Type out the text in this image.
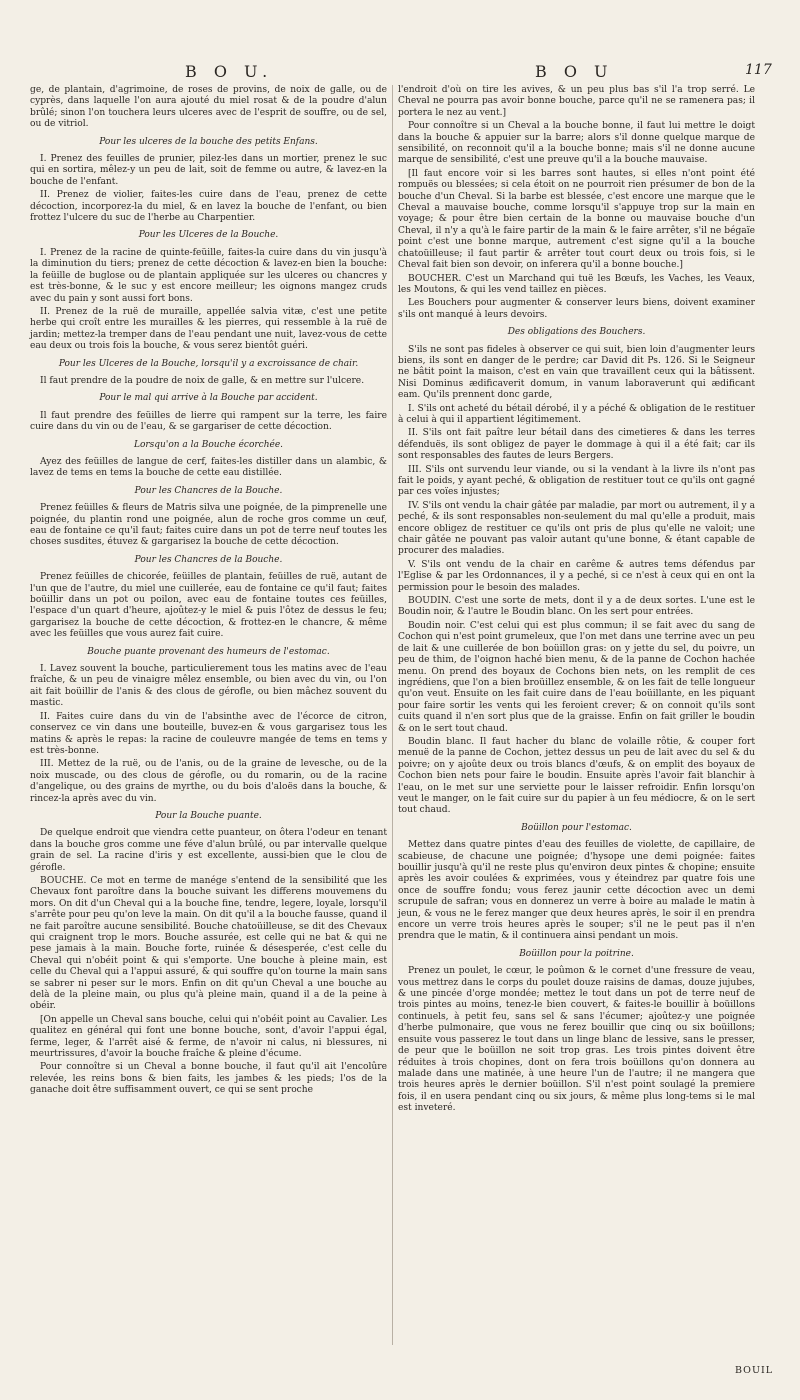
B O U.	B O U	117

ge, de plantain, d'agrimoine, de roses de provins, de noix de galle, ou de cyprès, dans laquelle l'on aura ajouté du miel rosat & de la poudre d'alun brûlé; sinon l'on touchera leurs ulceres avec de l'esprit de souffre, ou de sel, ou de vitriol.

Pour les ulceres de la bouche des petits Enfans.

I. Prenez des feuilles de prunier, pilez-les dans un mortier, prenez le suc qui en sortira, mêlez-y un peu de lait, soit de femme ou autre, & lavez-en la bouche de l'enfant.

II. Prenez de violier, faites-les cuire dans de l'eau, prenez de cette décoction, incorporez-la du miel, & en lavez la bouche de l'enfant, ou bien frottez l'ulcere du suc de l'herbe au Charpentier.

Pour les Ulceres de la Bouche.

I. Prenez de la racine de quinte-feüille, faites-la cuire dans du vin jusqu'à la diminution du tiers; prenez de cette décoction & lavez-en bien la bouche: la feüille de buglose ou de plantain appliquée sur les ulceres ou chancres y est très-bonne, & le suc y est encore meilleur; les oignons mangez cruds avec du pain y sont aussi fort bons.

II. Prenez de la ruë de muraille, appellée salvia vitæ, c'est une petite herbe qui croît entre les murailles & les pierres, qui ressemble à la ruë de jardin; mettez-la tremper dans de l'eau pendant une nuit, lavez-vous de cette eau deux ou trois fois la bouche, & vous serez bientôt guéri.

Pour les Ulceres de la Bouche, lorsqu'il y a excroissance de chair.

Il faut prendre de la poudre de noix de galle, & en mettre sur l'ulcere.

Pour le mal qui arrive à la Bouche par accident.

Il faut prendre des feüilles de lierre qui rampent sur la terre, les faire cuire dans du vin ou de l'eau, & se gargariser de cette décoction.

Lorsqu'on a la Bouche écorchée.

Ayez des feüilles de langue de cerf, faites-les distiller dans un alambic, & lavez de tems en tems la bouche de cette eau distillée.

Pour les Chancres de la Bouche.

Prenez feüilles & fleurs de Matris silva une poignée, de la pimprenelle une poignée, du plantin rond une poignée, alun de roche gros comme un œuf, eau de fontaine ce qu'il faut; faites cuire dans un pot de terre neuf toutes les choses susdites, étuvez & gargarisez la bouche de cette décoction.

Pour les Chancres de la Bouche.

Prenez feüilles de chicorée, feüilles de plantain, feüilles de ruë, autant de l'un que de l'autre, du miel une cuillerée, eau de fontaine ce qu'il faut; faites boüillir dans un pot ou poilon, avec eau de fontaine toutes ces feüilles, l'espace d'un quart d'heure, ajoûtez-y le miel & puis l'ôtez de dessus le feu; gargarisez la bouche de cette décoction, & frottez-en le chancre, & même avec les feüilles que vous aurez fait cuire.

Bouche puante provenant des humeurs de l'estomac.

I. Lavez souvent la bouche, particulierement tous les matins avec de l'eau fraîche, & un peu de vinaigre mêlez ensemble, ou bien avec du vin, ou l'on ait fait boüillir de l'anis & des clous de gérofle, ou bien mâchez souvent du mastic.

II. Faites cuire dans du vin de l'absinthe avec de l'écorce de citron, conservez ce vin dans une bouteille, buvez-en & vous gargarisez tous les matins & après le repas: la racine de couleuvre mangée de tems en tems y est très-bonne.

III. Mettez de la ruë, ou de l'anis, ou de la graine de levesche, ou de la noix muscade, ou des clous de gérofle, ou du romarin, ou de la racine d'angelique, ou des grains de myrthe, ou du bois d'aloës dans la bouche, & rincez-la après avec du vin.

Pour la Bouche puante.

De quelque endroit que viendra cette puanteur, on ôtera l'odeur en tenant dans la bouche gros comme une féve d'alun brûlé, ou par intervalle quelque grain de sel. La racine d'iris y est excellente, aussi-bien que le clou de gérofle.

BOUCHE. Ce mot en terme de manége s'entend de la sensibilité que les Chevaux font paroître dans la bouche suivant les differens mouvemens du mors. On dit d'un Cheval qui a la bouche fine, tendre, legere, loyale, lorsqu'il s'arrête pour peu qu'on leve la main. On dit qu'il a la bouche fausse, quand il ne fait paroître aucune sensibilité. Bouche chatoüilleuse, se dit des Chevaux qui craignent trop le mors. Bouche assurée, est celle qui ne bat & qui ne pese jamais à la main. Bouche forte, ruinée & désesperée, c'est celle du Cheval qui n'obéit point & qui s'emporte. Une bouche à pleine main, est celle du Cheval qui a l'appui assuré, & qui souffre qu'on tourne la main sans se sabrer ni peser sur le mors. Enfin on dit qu'un Cheval a une bouche au delà de la pleine main, ou plus qu'à pleine main, quand il a de la peine à obéir.

[On appelle un Cheval sans bouche, celui qui n'obéit point au Cavalier. Les qualitez en général qui font une bonne bouche, sont, d'avoir l'appui égal, ferme, leger, & l'arrêt aisé & ferme, de n'avoir ni calus, ni blessures, ni meurtrissures, d'avoir la bouche fraîche & pleine d'écume.

Pour connoître si un Cheval a bonne bouche, il faut qu'il ait l'encolûre relevée, les reins bons & bien faits, les jambes & les pieds; l'os de la ganache doit être suffisamment ouvert, ce qui se sent proche

l'endroit d'où on tire les avives, & un peu plus bas s'il l'a trop serré. Le Cheval ne pourra pas avoir bonne bouche, parce qu'il ne se ramenera pas; il portera le nez au vent.]

Pour connoître si un Cheval a la bouche bonne, il faut lui mettre le doigt dans la bouche & appuier sur la barre; alors s'il donne quelque marque de sensibilité, on reconnoit qu'il a la bouche bonne; mais s'il ne donne aucune marque de sensibilité, c'est une preuve qu'il a la bouche mauvaise.

[Il faut encore voir si les barres sont hautes, si elles n'ont point été rompuës ou blessées; si cela étoit on ne pourroit rien présumer de bon de la bouche d'un Cheval. Si la barbe est blessée, c'est encore une marque que le Cheval a mauvaise bouche, comme lorsqu'il s'appuye trop sur la main en voyage; & pour être bien certain de la bonne ou mauvaise bouche d'un Cheval, il n'y a qu'à le faire partir de la main & le faire arrêter, s'il ne bégaïe point c'est une bonne marque, autrement c'est signe qu'il a la bouche chatoüilleuse; il faut partir & arrêter tout court deux ou trois fois, si le Cheval fait bien son devoir, on inferera qu'il a bonne bouche.]

BOUCHER. C'est un Marchand qui tuë les Bœufs, les Vaches, les Veaux, les Moutons, & qui les vend taillez en pièces.

Les Bouchers pour augmenter & conserver leurs biens, doivent examiner s'ils ont manqué à leurs devoirs.

Des obligations des Bouchers.

S'ils ne sont pas fideles à observer ce qui suit, bien loin d'augmenter leurs biens, ils sont en danger de le perdre; car David dit Ps. 126. Si le Seigneur ne bâtit point la maison, c'est en vain que travaillent ceux qui la bâtissent. Nisi Dominus ædificaverit domum, in vanum laboraverunt qui ædificant eam. Qu'ils prennent donc garde,

I. S'ils ont acheté du bétail dérobé, il y a péché & obligation de le restituer à celui à qui il appartient légitimement.

II. S'ils ont fait paître leur bétail dans des cimetieres & dans les terres défenduës, ils sont obligez de payer le dommage à qui il a été fait; car ils sont responsables des fautes de leurs Bergers.

III. S'ils ont survendu leur viande, ou si la vendant à la livre ils n'ont pas fait le poids, y ayant peché, & obligation de restituer tout ce qu'ils ont gagné par ces voïes injustes;

IV. S'ils ont vendu la chair gâtée par maladie, par mort ou autrement, il y a peché, & ils sont responsables non-seulement du mal qu'elle a produit, mais encore obligez de restituer ce qu'ils ont pris de plus qu'elle ne valoit; une chair gâtée ne pouvant pas valoir autant qu'une bonne, & étant capable de procurer des maladies.

V. S'ils ont vendu de la chair en carême & autres tems défendus par l'Eglise & par les Ordonnances, il y a peché, si ce n'est à ceux qui en ont la permission pour le besoin des malades.

BOUDIN. C'est une sorte de mets, dont il y a de deux sortes. L'une est le Boudin noir, & l'autre le Boudin blanc. On les sert pour entrées.

Boudin noir. C'est celui qui est plus commun; il se fait avec du sang de Cochon qui n'est point grumeleux, que l'on met dans une terrine avec un peu de lait & une cuillerée de bon boüillon gras: on y jette du sel, du poivre, un peu de thim, de l'oignon haché bien menu, & de la panne de Cochon hachée menu. On prend des boyaux de Cochons bien nets, on les remplit de ces ingrédiens, que l'on a bien broüillez ensemble, & on les fait de telle longueur qu'on veut. Ensuite on les fait cuire dans de l'eau boüillante, en les piquant pour faire sortir les vents qui les feroient crever; & on connoit qu'ils sont cuits quand il n'en sort plus que de la graisse. Enfin on fait griller le boudin & on le sert tout chaud.

Boudin blanc. Il faut hacher du blanc de volaille rôtie, & couper fort menuë de la panne de Cochon, jettez dessus un peu de lait avec du sel & du poivre; on y ajoûte deux ou trois blancs d'œufs, & on emplit des boyaux de Cochon bien nets pour faire le boudin. Ensuite après l'avoir fait blanchir à l'eau, on le met sur une serviette pour le laisser refroidir. Enfin lorsqu'on veut le manger, on le fait cuire sur du papier à un feu médiocre, & on le sert tout chaud.

Boüillon pour l'estomac.

Mettez dans quatre pintes d'eau des feuilles de violette, de capillaire, de scabieuse, de chacune une poignée; d'hysope une demi poignée: faites bouillir jusqu'à qu'il ne reste plus qu'environ deux pintes & chopine; ensuite après les avoir coulées & exprimées, vous y éteindrez par quatre fois une once de souffre fondu; vous ferez jaunir cette décoction avec un demi scrupule de safran; vous en donnerez un verre à boire au malade le matin à jeun, & vous ne le ferez manger que deux heures après, le soir il en prendra encore un verre trois heures après le souper; s'il ne le peut pas il n'en prendra que le matin, & il continuera ainsi pendant un mois.

Boüillon pour la poitrine.

Prenez un poulet, le cœur, le poûmon & le cornet d'une fressure de veau, vous mettrez dans le corps du poulet douze raisins de damas, douze jujubes, & une pincée d'orge mondée; mettez le tout dans un pot de terre neuf de trois pintes au moins, tenez-le bien couvert, & faites-le bouillir à boüillons continuels, à petit feu, sans sel & sans l'écumer; ajoûtez-y une poignée d'herbe pulmonaire, que vous ne ferez bouillir que cinq ou six boüillons; ensuite vous passerez le tout dans un linge blanc de lessive, sans le presser, de peur que le boüillon ne soit trop gras. Les trois pintes doivent être réduites à trois chopines, dont on fera trois boüillons qu'on donnera au malade dans une matinée, à une heure l'un de l'autre; il ne mangera que trois heures après le dernier boüillon. S'il n'est point soulagé la premiere fois, il en usera pendant cinq ou six jours, & même plus long-tems si le mal est inveteré.

BOUIL
